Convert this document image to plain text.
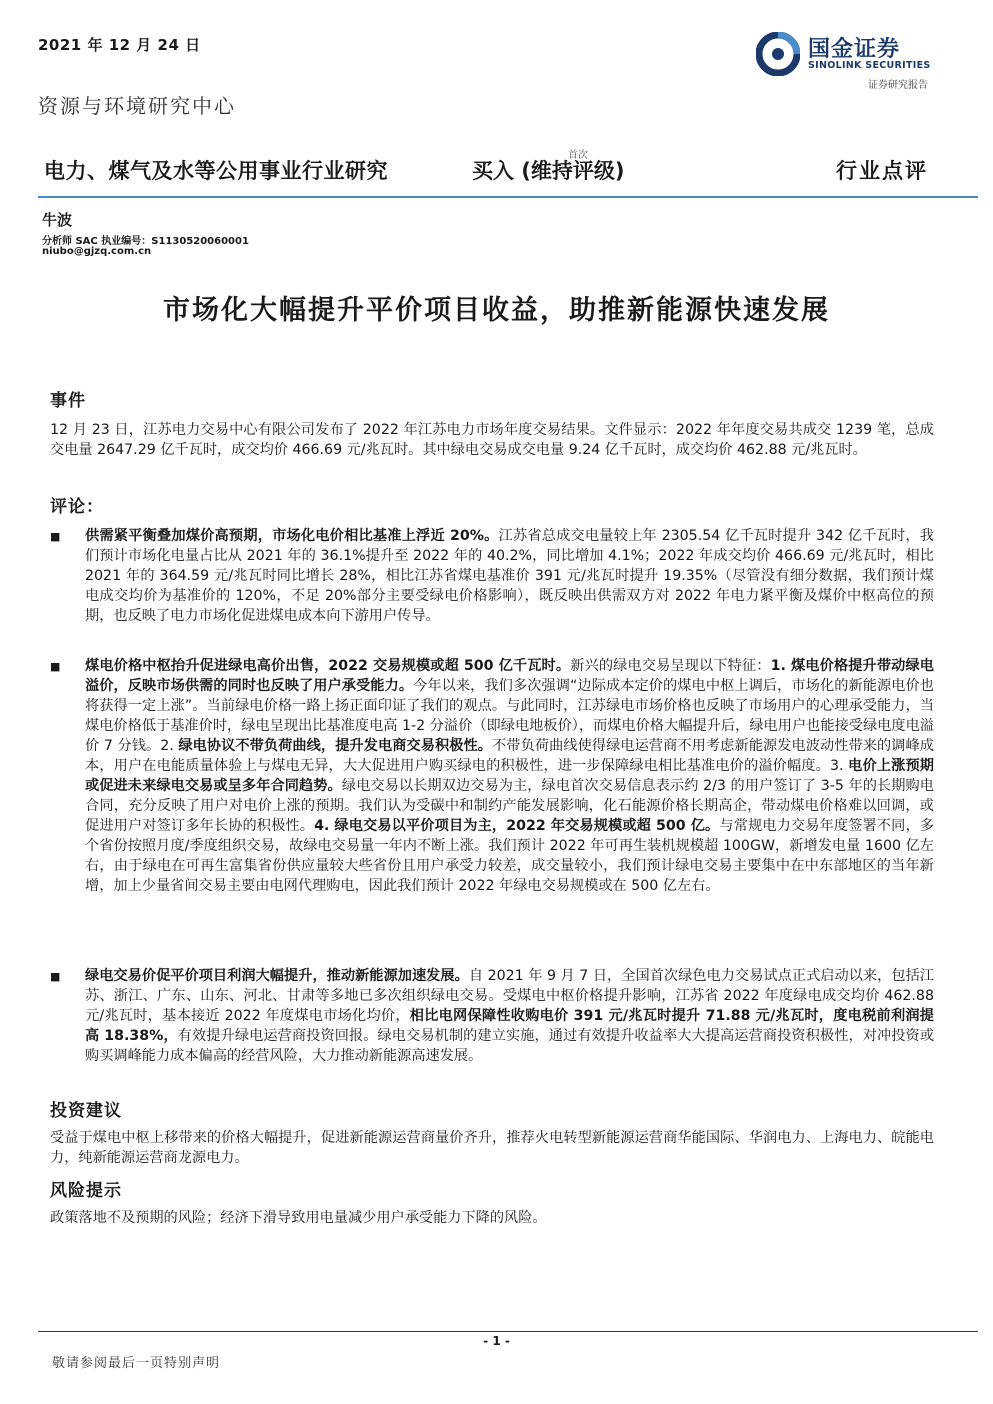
2021 年 12 月 24 日	国金证券
SINOLINK SECURITIES
证券研究报告
资源与环境研究中心
电力、煤气及水等公用事业行业研究
首次
买入 (维持评级)	行业点评
牛波
分析师 SAC 执业编号：S1130520060001
niubo@gjzq.com.cn
市场化大幅提升平价项目收益，助推新能源快速发展
事件
12 月 23 日，江苏电力交易中心有限公司发布了 2022 年江苏电力市场年度交易结果。文件显示：2022 年年度交易共成交 1239 笔，总成交电量 2647.29 亿千瓦时，成交均价 466.69 元/兆瓦时。其中绿电交易成交电量 9.24 亿千瓦时，成交均价 462.88 元/兆瓦时。
评论：
■ 供需紧平衡叠加煤价高预期，市场化电价相比基准上浮近 20%。江苏省总成交电量较上年 2305.54 亿千瓦时提升 342 亿千瓦时，我们预计市场化电量占比从 2021 年的 36.1%提升至 2022 年的 40.2%，同比增加 4.1%；2022 年成交均价 466.69 元/兆瓦时，相比 2021 年的 364.59 元/兆瓦时同比增长 28%，相比江苏省煤电基准价 391 元/兆瓦时提升 19.35%（尽管没有细分数据，我们预计煤电成交均价为基准价的 120%，不足 20%部分主要受绿电价格影响），既反映出供需双方对 2022 年电力紧平衡及煤价中枢高位的预期，也反映了电力市场化促进煤电成本向下游用户传导。
■ 煤电价格中枢抬升促进绿电高价出售，2022 交易规模或超 500 亿千瓦时。新兴的绿电交易呈现以下特征：1. 煤电价格提升带动绿电溢价，反映市场供需的同时也反映了用户承受能力。今年以来，我们多次强调“边际成本定价的煤电中枢上调后，市场化的新能源电价也将获得一定上涨”。当前绿电价格一路上扬正面印证了我们的观点。与此同时，江苏绿电市场价格也反映了市场用户的心理承受能力，当煤电价格低于基准价时，绿电呈现出比基准度电高 1-2 分溢价（即绿电地板价），而煤电价格大幅提升后，绿电用户也能接受绿电度电溢价 7 分钱。2. 绿电协议不带负荷曲线，提升发电商交易积极性。不带负荷曲线使得绿电运营商不用考虑新能源发电波动性带来的调峰成本，用户在电能质量体验上与煤电无异，大大促进用户购买绿电的积极性，进一步保障绿电相比基准电价的溢价幅度。3. 电价上涨预期或促进未来绿电交易或呈多年合同趋势。绿电交易以长期双边交易为主，绿电首次交易信息表示约 2/3 的用户签订了 3-5 年的长期购电合同，充分反映了用户对电价上涨的预期。我们认为受碳中和制约产能发展影响，化石能源价格长期高企，带动煤电价格难以回调，或促进用户对签订多年长协的积极性。4. 绿电交易以平价项目为主，2022 年交易规模或超 500 亿。与常规电力交易年度签署不同，多个省份按照月度/季度组织交易，故绿电交易量一年内不断上涨。我们预计 2022 年可再生装机规模超 100GW，新增发电量 1600 亿左右，由于绿电在可再生富集省份供应量较大些省份且用户承受力较差，成交量较小，我们预计绿电交易主要集中在中东部地区的当年新增，加上少量省间交易主要由电网代理购电，因此我们预计 2022 年绿电交易规模或在 500 亿左右。
■ 绿电交易价促平价项目利润大幅提升，推动新能源加速发展。自 2021 年 9 月 7 日，全国首次绿色电力交易试点正式启动以来，包括江苏、浙江、广东、山东、河北、甘肃等多地已多次组织绿电交易。受煤电中枢价格提升影响，江苏省 2022 年度绿电成交均价 462.88 元/兆瓦时，基本接近 2022 年度煤电市场化均价，相比电网保障性收购电价 391 元/兆瓦时提升 71.88 元/兆瓦时，度电税前利润提高 18.38%，有效提升绿电运营商投资回报。绿电交易机制的建立实施，通过有效提升收益率大大提高运营商投资积极性，对冲投资或购买调峰能力成本偏高的经营风险，大力推动新能源高速发展。
投资建议
受益于煤电中枢上移带来的价格大幅提升，促进新能源运营商量价齐升，推荐火电转型新能源运营商华能国际、华润电力、上海电力、皖能电力，纯新能源运营商龙源电力。
风险提示
政策落地不及预期的风险；经济下滑导致用电量减少用户承受能力下降的风险。
- 1 -
敬请参阅最后一页特别声明
